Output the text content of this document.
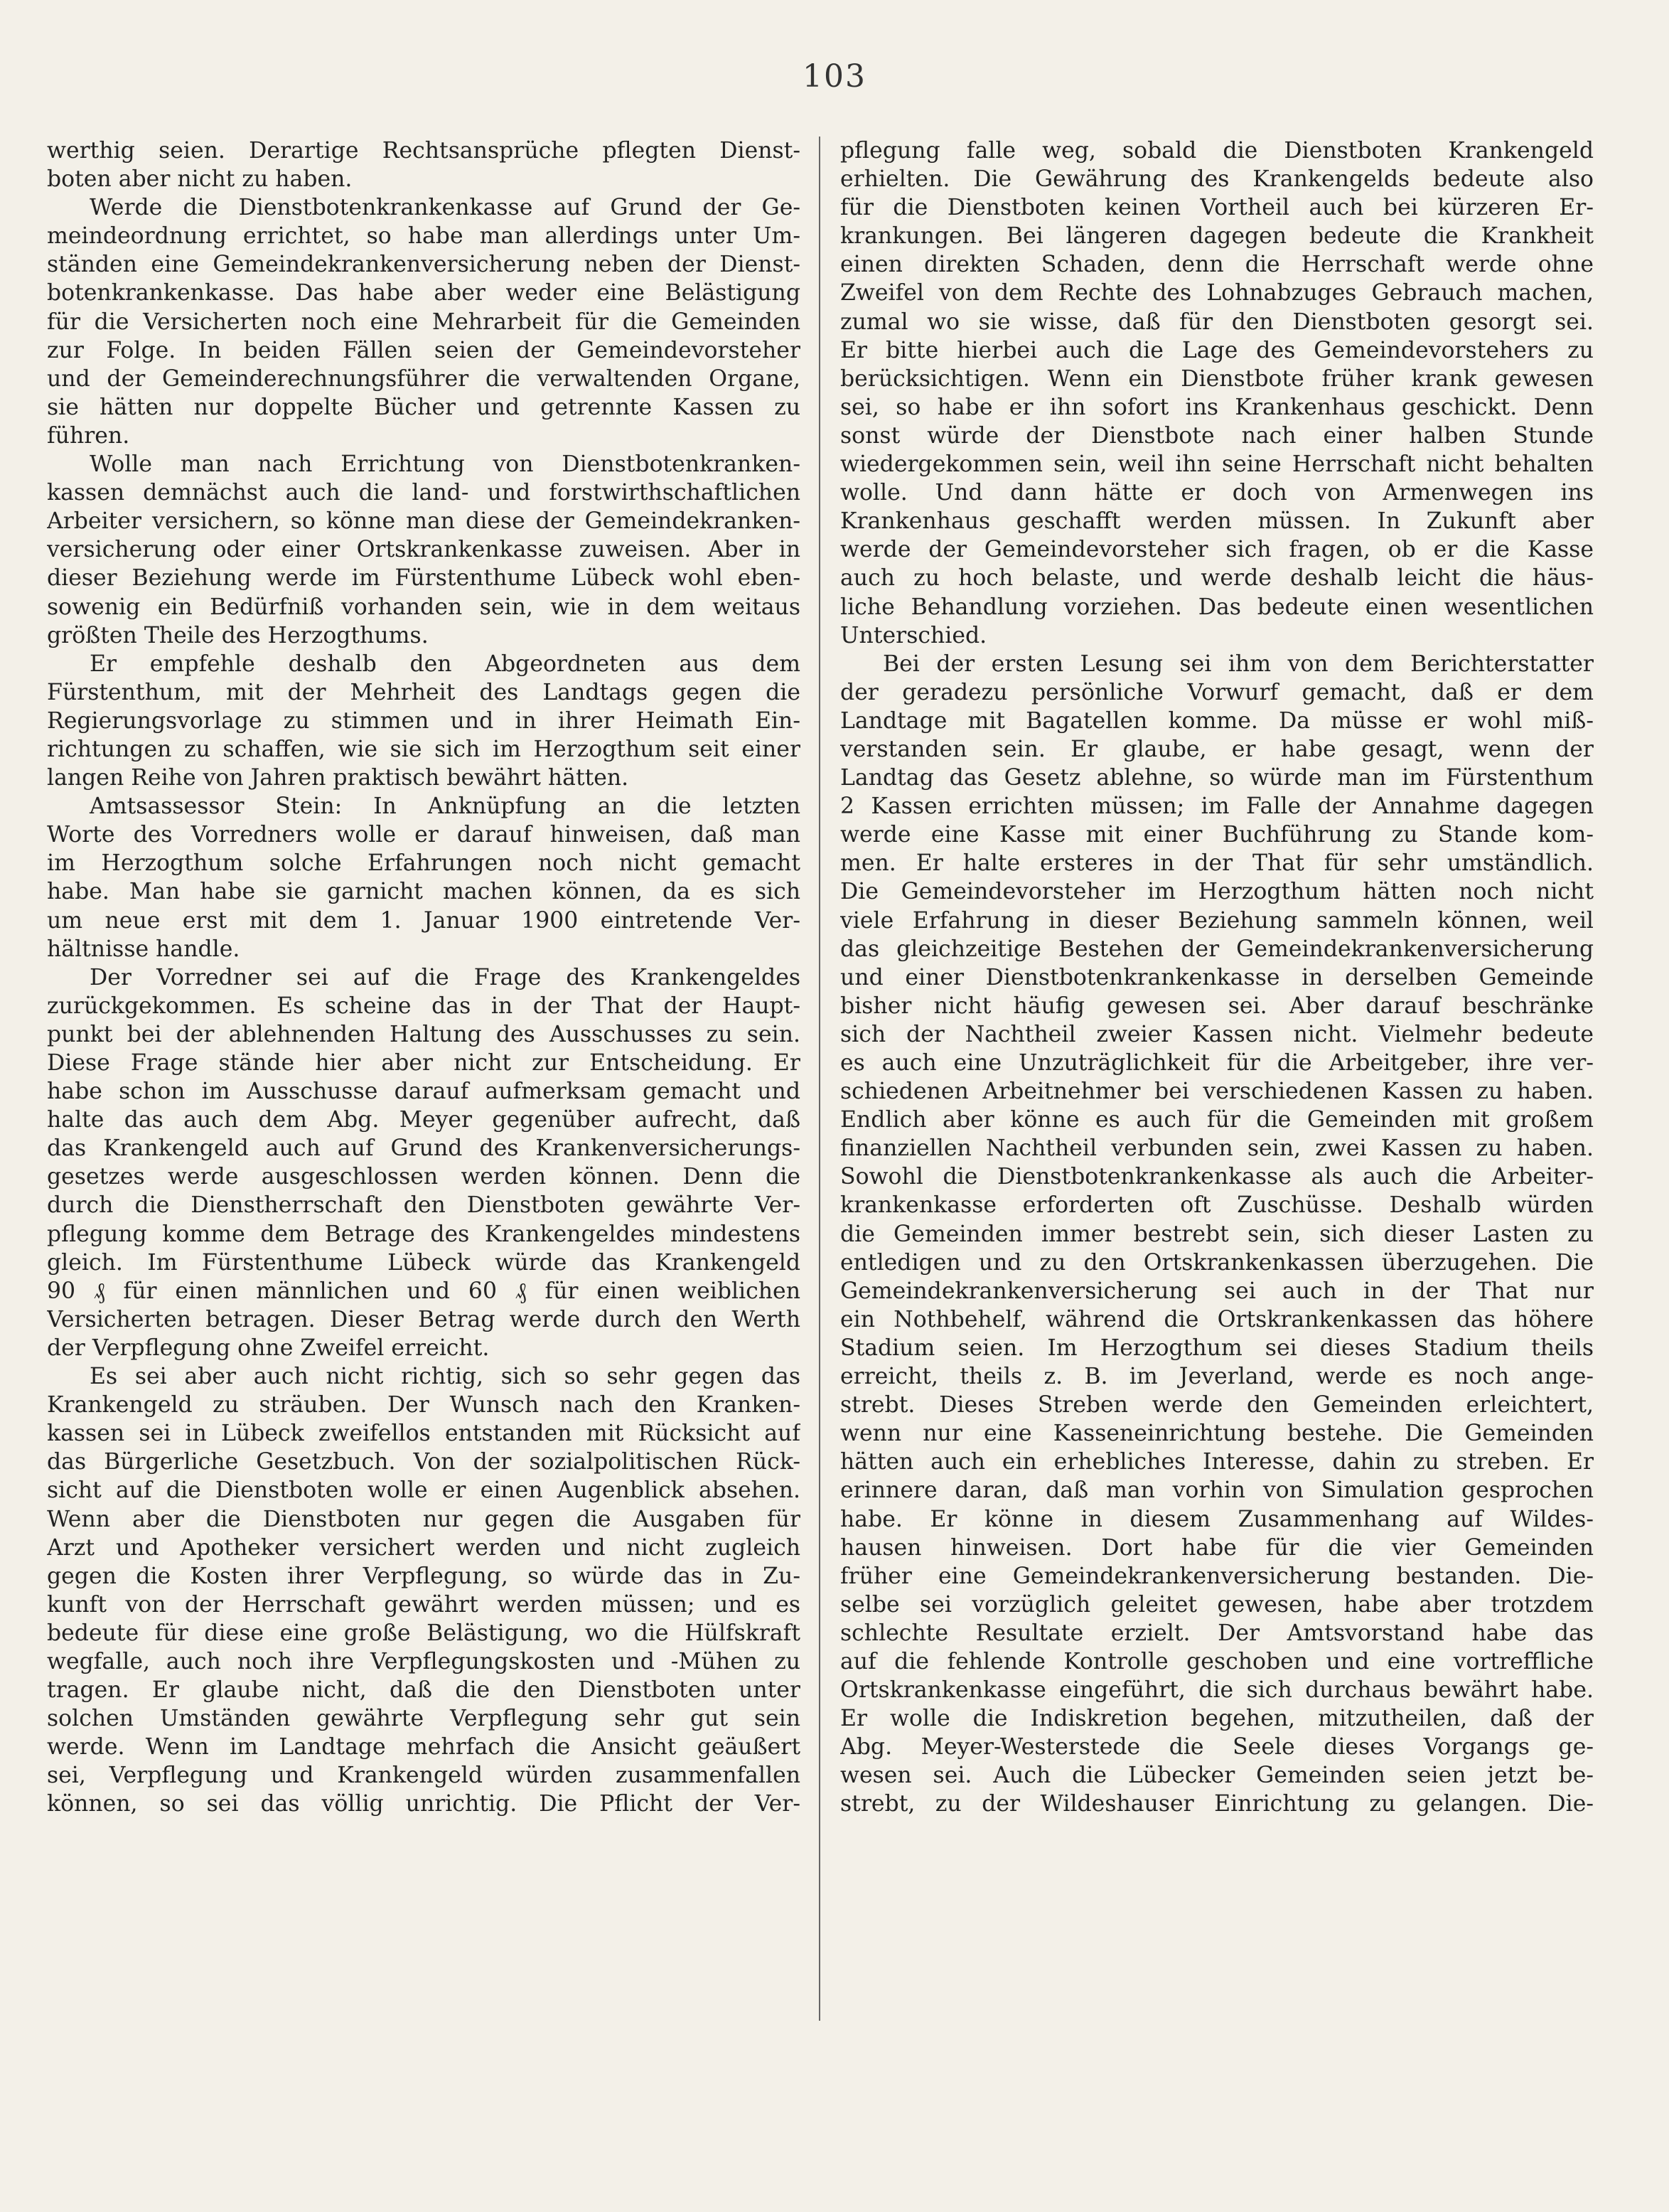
103
werthig seien. Derartige Rechtsansprüche pflegten Dienst-
boten aber nicht zu haben.
Werde die Dienstbotenkrankenkasse auf Grund der Ge-
meindeordnung errichtet, so habe man allerdings unter Um-
ständen eine Gemeindekrankenversicherung neben der Dienst-
botenkrankenkasse. Das habe aber weder eine Belästigung
für die Versicherten noch eine Mehrarbeit für die Gemeinden
zur Folge. In beiden Fällen seien der Gemeindevorsteher
und der Gemeinderechnungsführer die verwaltenden Organe,
sie hätten nur doppelte Bücher und getrennte Kassen zu
führen.
Wolle man nach Errichtung von Dienstbotenkranken-
kassen demnächst auch die land- und forstwirthschaftlichen
Arbeiter versichern, so könne man diese der Gemeindekranken-
versicherung oder einer Ortskrankenkasse zuweisen. Aber in
dieser Beziehung werde im Fürstenthume Lübeck wohl eben-
sowenig ein Bedürfniß vorhanden sein, wie in dem weitaus
größten Theile des Herzogthums.
Er empfehle deshalb den Abgeordneten aus dem
Fürstenthum, mit der Mehrheit des Landtags gegen die
Regierungsvorlage zu stimmen und in ihrer Heimath Ein-
richtungen zu schaffen, wie sie sich im Herzogthum seit einer
langen Reihe von Jahren praktisch bewährt hätten.
Amtsassessor Stein: In Anknüpfung an die letzten
Worte des Vorredners wolle er darauf hinweisen, daß man
im Herzogthum solche Erfahrungen noch nicht gemacht
habe. Man habe sie garnicht machen können, da es sich
um neue erst mit dem 1. Januar 1900 eintretende Ver-
hältnisse handle.
Der Vorredner sei auf die Frage des Krankengeldes
zurückgekommen. Es scheine das in der That der Haupt-
punkt bei der ablehnenden Haltung des Ausschusses zu sein.
Diese Frage stände hier aber nicht zur Entscheidung. Er
habe schon im Ausschusse darauf aufmerksam gemacht und
halte das auch dem Abg. Meyer gegenüber aufrecht, daß
das Krankengeld auch auf Grund des Krankenversicherungs-
gesetzes werde ausgeschlossen werden können. Denn die
durch die Dienstherrschaft den Dienstboten gewährte Ver-
pflegung komme dem Betrage des Krankengeldes mindestens
gleich. Im Fürstenthume Lübeck würde das Krankengeld
90 ₰ für einen männlichen und 60 ₰ für einen weiblichen
Versicherten betragen. Dieser Betrag werde durch den Werth
der Verpflegung ohne Zweifel erreicht.
Es sei aber auch nicht richtig, sich so sehr gegen das
Krankengeld zu sträuben. Der Wunsch nach den Kranken-
kassen sei in Lübeck zweifellos entstanden mit Rücksicht auf
das Bürgerliche Gesetzbuch. Von der sozialpolitischen Rück-
sicht auf die Dienstboten wolle er einen Augenblick absehen.
Wenn aber die Dienstboten nur gegen die Ausgaben für
Arzt und Apotheker versichert werden und nicht zugleich
gegen die Kosten ihrer Verpflegung, so würde das in Zu-
kunft von der Herrschaft gewährt werden müssen; und es
bedeute für diese eine große Belästigung, wo die Hülfskraft
wegfalle, auch noch ihre Verpflegungskosten und -Mühen zu
tragen. Er glaube nicht, daß die den Dienstboten unter
solchen Umständen gewährte Verpflegung sehr gut sein
werde. Wenn im Landtage mehrfach die Ansicht geäußert
sei, Verpflegung und Krankengeld würden zusammenfallen
können, so sei das völlig unrichtig. Die Pflicht der Ver-
pflegung falle weg, sobald die Dienstboten Krankengeld
erhielten. Die Gewährung des Krankengelds bedeute also
für die Dienstboten keinen Vortheil auch bei kürzeren Er-
krankungen. Bei längeren dagegen bedeute die Krankheit
einen direkten Schaden, denn die Herrschaft werde ohne
Zweifel von dem Rechte des Lohnabzuges Gebrauch machen,
zumal wo sie wisse, daß für den Dienstboten gesorgt sei.
Er bitte hierbei auch die Lage des Gemeindevorstehers zu
berücksichtigen. Wenn ein Dienstbote früher krank gewesen
sei, so habe er ihn sofort ins Krankenhaus geschickt. Denn
sonst würde der Dienstbote nach einer halben Stunde
wiedergekommen sein, weil ihn seine Herrschaft nicht behalten
wolle. Und dann hätte er doch von Armenwegen ins
Krankenhaus geschafft werden müssen. In Zukunft aber
werde der Gemeindevorsteher sich fragen, ob er die Kasse
auch zu hoch belaste, und werde deshalb leicht die häus-
liche Behandlung vorziehen. Das bedeute einen wesentlichen
Unterschied.
Bei der ersten Lesung sei ihm von dem Berichterstatter
der geradezu persönliche Vorwurf gemacht, daß er dem
Landtage mit Bagatellen komme. Da müsse er wohl miß-
verstanden sein. Er glaube, er habe gesagt, wenn der
Landtag das Gesetz ablehne, so würde man im Fürstenthum
2 Kassen errichten müssen; im Falle der Annahme dagegen
werde eine Kasse mit einer Buchführung zu Stande kom-
men. Er halte ersteres in der That für sehr umständlich.
Die Gemeindevorsteher im Herzogthum hätten noch nicht
viele Erfahrung in dieser Beziehung sammeln können, weil
das gleichzeitige Bestehen der Gemeindekrankenversicherung
und einer Dienstbotenkrankenkasse in derselben Gemeinde
bisher nicht häufig gewesen sei. Aber darauf beschränke
sich der Nachtheil zweier Kassen nicht. Vielmehr bedeute
es auch eine Unzuträglichkeit für die Arbeitgeber, ihre ver-
schiedenen Arbeitnehmer bei verschiedenen Kassen zu haben.
Endlich aber könne es auch für die Gemeinden mit großem
finanziellen Nachtheil verbunden sein, zwei Kassen zu haben.
Sowohl die Dienstbotenkrankenkasse als auch die Arbeiter-
krankenkasse erforderten oft Zuschüsse. Deshalb würden
die Gemeinden immer bestrebt sein, sich dieser Lasten zu
entledigen und zu den Ortskrankenkassen überzugehen. Die
Gemeindekrankenversicherung sei auch in der That nur
ein Nothbehelf, während die Ortskrankenkassen das höhere
Stadium seien. Im Herzogthum sei dieses Stadium theils
erreicht, theils z. B. im Jeverland, werde es noch ange-
strebt. Dieses Streben werde den Gemeinden erleichtert,
wenn nur eine Kasseneinrichtung bestehe. Die Gemeinden
hätten auch ein erhebliches Interesse, dahin zu streben. Er
erinnere daran, daß man vorhin von Simulation gesprochen
habe. Er könne in diesem Zusammenhang auf Wildes-
hausen hinweisen. Dort habe für die vier Gemeinden
früher eine Gemeindekrankenversicherung bestanden. Die-
selbe sei vorzüglich geleitet gewesen, habe aber trotzdem
schlechte Resultate erzielt. Der Amtsvorstand habe das
auf die fehlende Kontrolle geschoben und eine vortreffliche
Ortskrankenkasse eingeführt, die sich durchaus bewährt habe.
Er wolle die Indiskretion begehen, mitzutheilen, daß der
Abg. Meyer-Westerstede die Seele dieses Vorgangs ge-
wesen sei. Auch die Lübecker Gemeinden seien jetzt be-
strebt, zu der Wildeshauser Einrichtung zu gelangen. Die-
